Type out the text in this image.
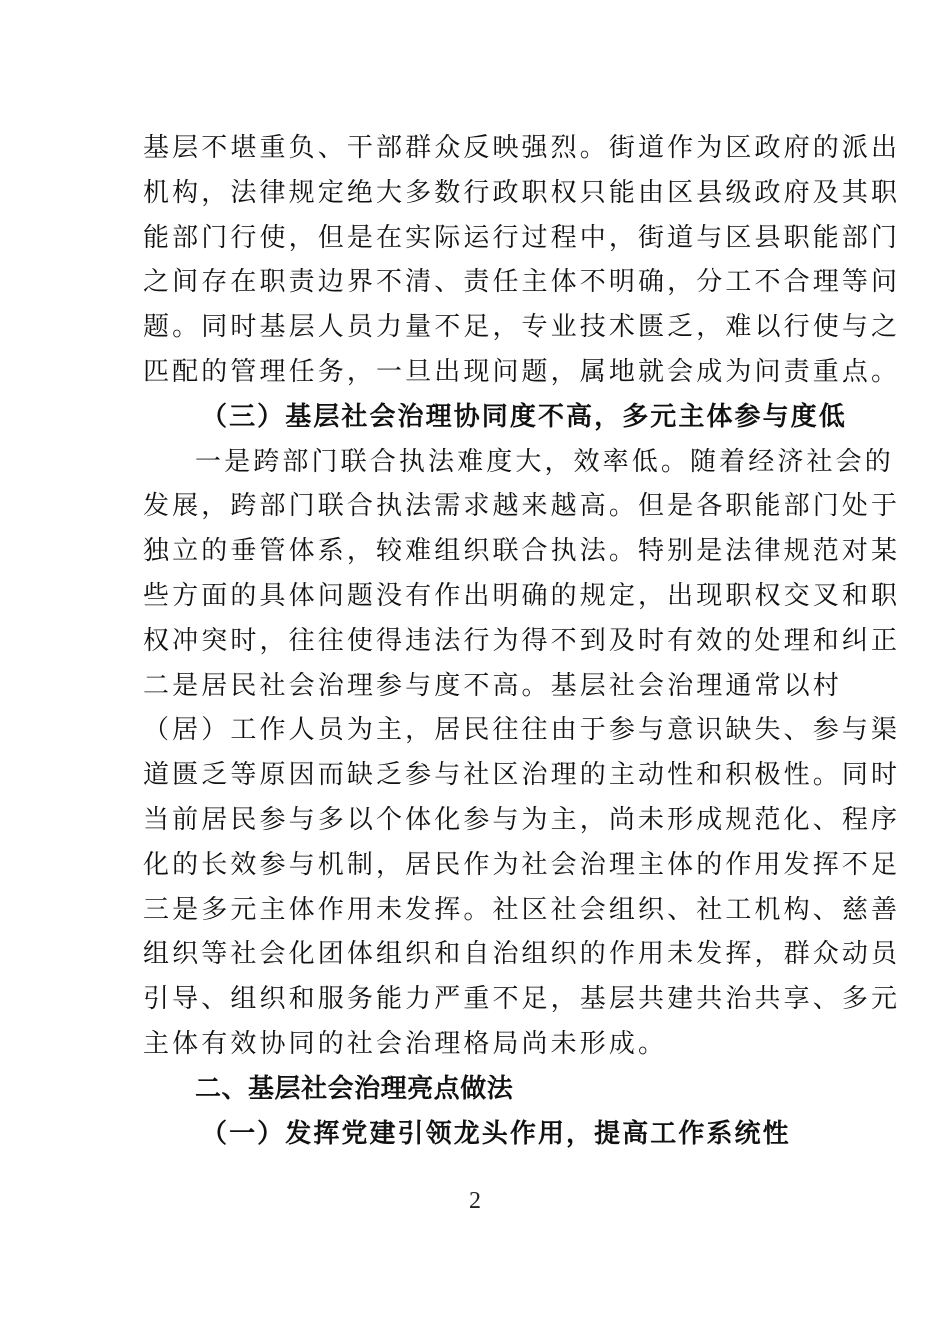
基层不堪重负、干部群众反映强烈。街道作为区政府的派出
机构，法律规定绝大多数行政职权只能由区县级政府及其职
能部门行使，但是在实际运行过程中，街道与区县职能部门
之间存在职责边界不清、责任主体不明确，分工不合理等问
题。同时基层人员力量不足，专业技术匮乏，难以行使与之
匹配的管理任务，一旦出现问题，属地就会成为问责重点。
（三）基层社会治理协同度不高，多元主体参与度低
一是跨部门联合执法难度大，效率低。随着经济社会的
发展，跨部门联合执法需求越来越高。但是各职能部门处于
独立的垂管体系，较难组织联合执法。特别是法律规范对某
些方面的具体问题没有作出明确的规定，出现职权交叉和职
权冲突时，往往使得违法行为得不到及时有效的处理和纠正
二是居民社会治理参与度不高。基层社会治理通常以村
（居）工作人员为主，居民往往由于参与意识缺失、参与渠
道匮乏等原因而缺乏参与社区治理的主动性和积极性。同时
当前居民参与多以个体化参与为主，尚未形成规范化、程序
化的长效参与机制，居民作为社会治理主体的作用发挥不足
三是多元主体作用未发挥。社区社会组织、社工机构、慈善
组织等社会化团体组织和自治组织的作用未发挥，群众动员
引导、组织和服务能力严重不足，基层共建共治共享、多元
主体有效协同的社会治理格局尚未形成。
二、基层社会治理亮点做法
（一）发挥党建引领龙头作用，提高工作系统性
2
